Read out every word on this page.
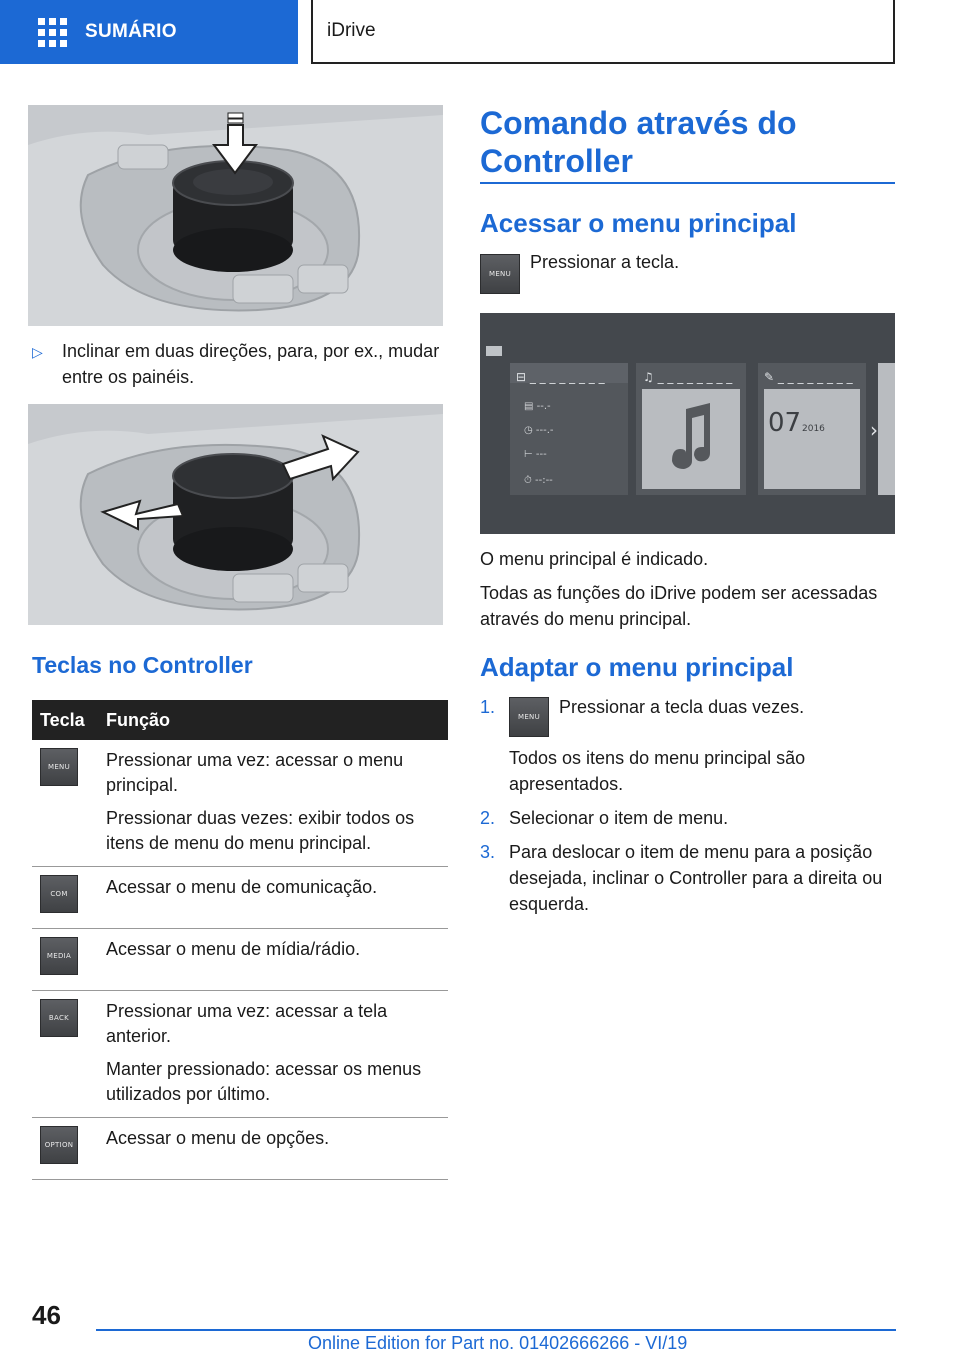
SUMÁRIO	iDrive
▷	Inclinar em duas direções, para, por ex., mudar entre os painéis.
Teclas no Controller
Tecla	Função

MENU	Pressionar uma vez: acessar o menu principal.

Pressionar duas vezes: exibir todos os itens de menu do menu principal.

COM	Acessar o menu de comunicação.

MEDIA	Acessar o menu de mídia/rádio.

BACK	Pressionar uma vez: acessar a tela anterior.

Manter pressionado: acessar os menus utilizados por último.

OPTION	Acessar o menu de opções.

Comando através do Controller
Acessar o menu principal
MENU
Pressionar a tecla.
♫ _ _ _ _ _ _ _ _	✎ _ _ _ _ _ _ _ _
⊟ _ _ _ _ _ _ _ _
▤ --.-
◷ ---.-
⊢ ---
⏱ --:--
07 2016 ›

O menu principal é indicado.

Todas as funções do iDrive podem ser acessadas através do menu principal.

Adaptar o menu principal
1.	MENU	Pressionar a tecla duas vezes.

Todos os itens do menu principal são apresentados.

2. Selecionar o item de menu.

3. Para deslocar o item de menu para a posição desejada, inclinar o Controller para a direita ou esquerda.

46
Online Edition for Part no. 01402666266 - VI/19
